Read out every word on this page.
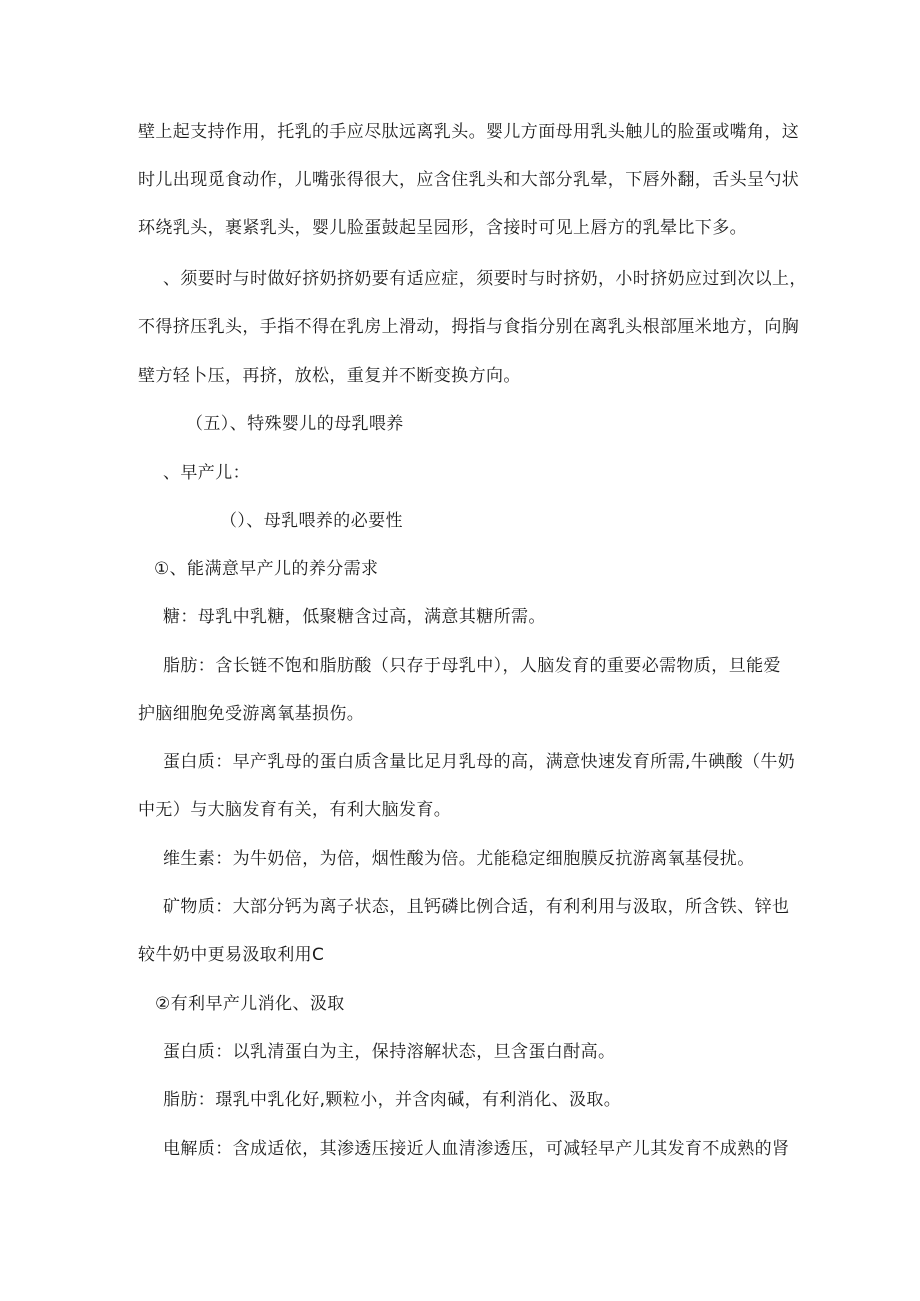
壁上起支持作用，托乳的手应尽肽远离乳头。婴儿方面母用乳头触儿的脸蛋或嘴角，这
时儿出现觅食动作，儿嘴张得很大，应含住乳头和大部分乳晕，下唇外翻，舌头呈勺状
环绕乳头，裹紧乳头，婴儿脸蛋鼓起呈园形，含接时可见上唇方的乳晕比下多。
、须要时与时做好挤奶挤奶要有适应症，须要时与时挤奶，小时挤奶应过到次以上，
不得挤压乳头，手指不得在乳房上滑动，拇指与食指分别在离乳头根部厘米地方，向胸
壁方轻卜压，再挤，放松，重复并不断变换方向。
（五）、特殊婴儿的母乳喂养
、早产儿：
（）、母乳喂养的必要性
①、能满意早产儿的养分需求
糖：母乳中乳糖，低聚糖含过高，满意其糖所需。
脂肪：含长链不饱和脂肪酸（只存于母乳中），人脑发育的重要必需物质，旦能爱
护脑细胞免受游离氧基损伤。
蛋白质：早产乳母的蛋白质含量比足月乳母的高，满意快速发育所需,牛碘酸（牛奶
中无）与大脑发育有关，有利大脑发育。
维生素：为牛奶倍，为倍，烟性酸为倍。尤能稳定细胞膜反抗游离氧基侵扰。
矿物质：大部分钙为离子状态，且钙磷比例合适，有利利用与汲取，所含铁、锌也
较牛奶中更易汲取利用C
②有利早产儿消化、汲取
蛋白质：以乳清蛋白为主，保持溶解状态，旦含蛋白酎高。
脂肪：璟乳中乳化好,颗粒小，并含肉碱，有利消化、汲取。
电解质：含成适依，其渗透压接近人血清渗透压，可减轻早产儿其发育不成熟的肾
